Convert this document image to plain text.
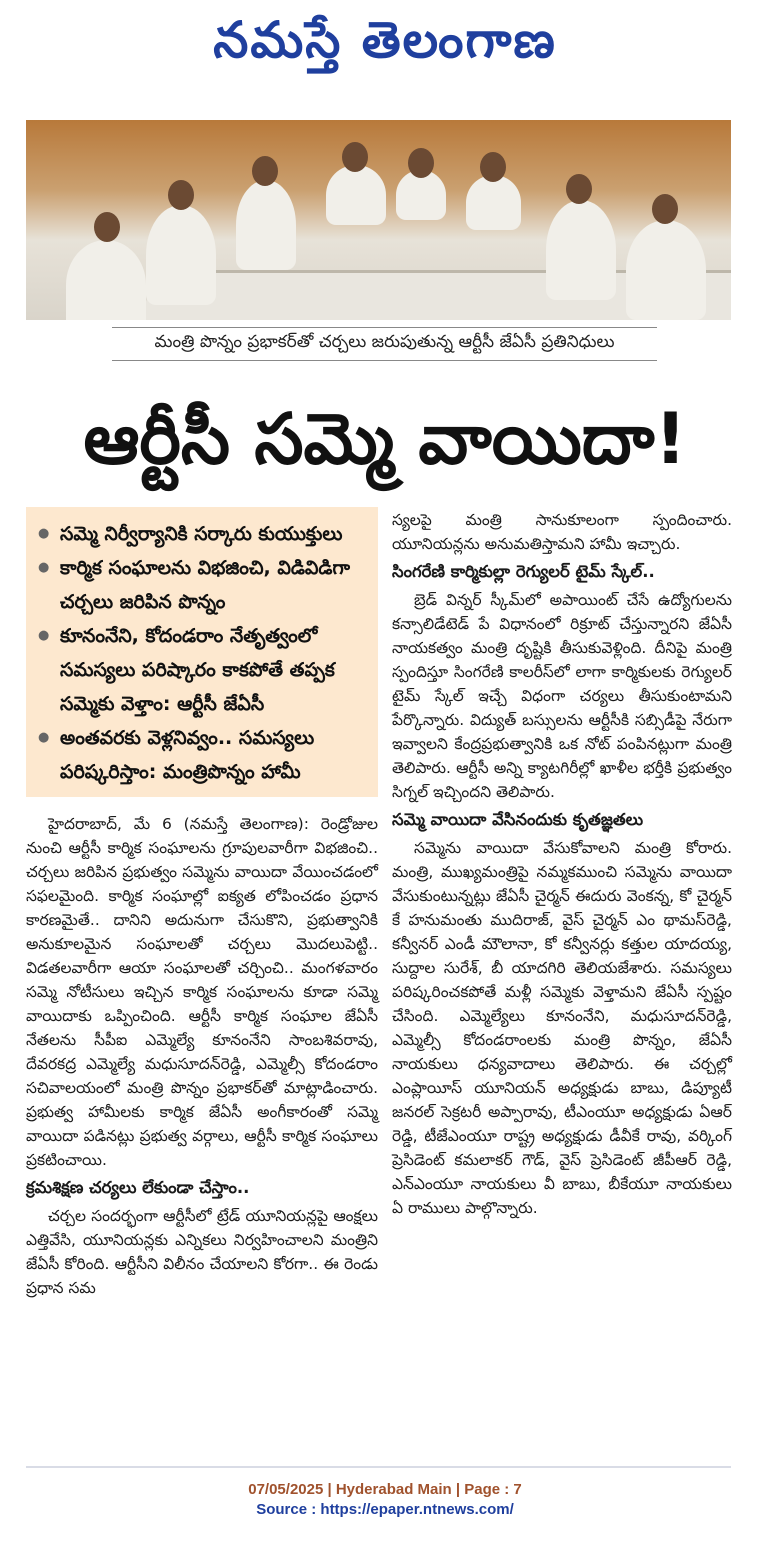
నమస్తే తెలంగాణ
మంత్రి పొన్నం ప్రభాకర్‌తో చర్చలు జరుపుతున్న ఆర్టీసీ జేఏసీ ప్రతినిధులు
ఆర్టీసీ సమ్మె వాయిదా!
● సమ్మె నిర్వీర్యానికి సర్కారు కుయుక్తులు
● కార్మిక సంఘాలను విభజించి, విడివిడిగా చర్చలు జరిపిన పొన్నం
● కూనంనేని, కోదండరాం నేతృత్వంలో సమస్యలు పరిష్కారం కాకపోతే తప్పక సమ్మెకు వెళ్తాం: ఆర్టీసీ జేఏసీ
● అంతవరకు వెళ్లనివ్వం.. సమస్యలు పరిష్కరిస్తాం: మంత్రిపొన్నం హామీ

హైదరాబాద్, మే 6 (నమస్తే తెలంగాణ): రెండ్రోజుల నుంచి ఆర్టీసీ కార్మిక సంఘాలను గ్రూపులవారీగా విభజించి.. చర్చలు జరిపిన ప్రభుత్వం సమ్మెను వాయిదా వేయించడంలో సఫలమైంది. కార్మిక సంఘాల్లో ఐక్యత లోపించడం ప్రధాన కారణమైతే.. దానిని అదునుగా చేసుకొని, ప్రభుత్వానికి అనుకూలమైన సంఘాలతో చర్చలు మొదలుపెట్టి.. విడతలవారీగా ఆయా సంఘాలతో చర్చించి.. మంగళవారం సమ్మె నోటీసులు ఇచ్చిన కార్మిక సంఘాలను కూడా సమ్మె వాయిదాకు ఒప్పించింది. ఆర్టీసీ కార్మిక సంఘాల జేఏసీ నేతలను సీపీఐ ఎమ్మెల్యే కూనంనేని సాంబశివరావు, దేవరకద్ర ఎమ్మెల్యే మధుసూదన్‌రెడ్డి, ఎమ్మెల్సీ కోదండరాం సచివాలయంలో మంత్రి పొన్నం ప్రభాకర్‌తో మాట్లాడించారు. ప్రభుత్వ హామీలకు కార్మిక జేఏసీ అంగీకారంతో సమ్మె వాయిదా పడినట్లు ప్రభుత్వ వర్గాలు, ఆర్టీసీ కార్మిక సంఘాలు ప్రకటించాయి.

క్రమశిక్షణ చర్యలు లేకుండా చేస్తాం..

చర్చల సందర్భంగా ఆర్టీసీలో ట్రేడ్ యూనియన్లపై ఆంక్షలు ఎత్తివేసి, యూనియన్లకు ఎన్నికలు నిర్వహించాలని మంత్రిని జేఏసీ కోరింది. ఆర్టీసీని విలీనం చేయాలని కోరగా.. ఈ రెండు ప్రధాన సమ

స్యలపై మంత్రి సానుకూలంగా స్పందించారు. యూనియన్లను అనుమతిస్తామని హామీ ఇచ్చారు.

సింగరేణి కార్మికుల్లా రెగ్యులర్ టైమ్ స్కేల్..

బ్రెడ్ విన్నర్ స్కీమ్‌లో అపాయింట్ చేసే ఉద్యోగులను కన్సాలిడేటెడ్ పే విధానంలో రిక్రూట్ చేస్తున్నారని జేఏసీ నాయకత్వం మంత్రి దృష్టికి తీసుకువెళ్లింది. దీనిపై మంత్రి స్పందిస్తూ సింగరేణి కాలరీస్‌లో లాగా కార్మికులకు రెగ్యులర్ టైమ్ స్కేల్ ఇచ్చే విధంగా చర్యలు తీసుకుంటామని పేర్కొన్నారు. విద్యుత్ బస్సులను ఆర్టీసీకి సబ్సిడీపై నేరుగా ఇవ్వాలని కేంద్రప్రభుత్వానికి ఒక నోట్ పంపినట్లుగా మంత్రి తెలిపారు. ఆర్టీసీ అన్ని క్యాటగిరీల్లో ఖాళీల భర్తీకి ప్రభుత్వం సిగ్నల్ ఇచ్చిందని తెలిపారు.

సమ్మె వాయిదా వేసినందుకు కృతజ్ఞతలు

సమ్మెను వాయిదా వేసుకోవాలని మంత్రి కోరారు. మంత్రి, ముఖ్యమంత్రిపై నమ్మకముంచి సమ్మెను వాయిదా వేసుకుంటున్నట్లు జేఏసీ చైర్మన్ ఈదురు వెంకన్న, కో చైర్మన్ కే హనుమంతు ముదిరాజ్, వైస్ చైర్మన్ ఎం థామస్‌రెడ్డి, కన్వీనర్ ఎండీ మౌలానా, కో కన్వీనర్లు కత్తుల యాదయ్య, సుద్దాల సురేశ్, బీ యాదగిరి తెలియజేశారు. సమస్యలు పరిష్కరించకపోతే మళ్లీ సమ్మెకు వెళ్తామని జేఏసీ స్పష్టం చేసింది. ఎమ్మెల్యేలు కూనంనేని, మధుసూదన్‌రెడ్డి, ఎమ్మెల్సీ కోదండరాంలకు మంత్రి పొన్నం, జేఏసీ నాయకులు ధన్యవాదాలు తెలిపారు. ఈ చర్చల్లో ఎంప్లాయీస్ యూనియన్ అధ్యక్షుడు బాబు, డిప్యూటీ జనరల్ సెక్రటరీ అప్పారావు, టీఎంయూ అధ్యక్షుడు ఏఆర్ రెడ్డి, టీజేఎంయూ రాష్ట్ర అధ్యక్షుడు డీవీకే రావు, వర్కింగ్ ప్రెసిడెంట్ కమలాకర్ గౌడ్, వైస్ ప్రెసిడెంట్ జీపీఆర్ రెడ్డి, ఎన్ఎంయూ నాయకులు వీ బాబు, బీకేయూ నాయకులు ఏ రాములు పాల్గొన్నారు.

07/05/2025 | Hyderabad Main | Page : 7
Source : https://epaper.ntnews.com/
